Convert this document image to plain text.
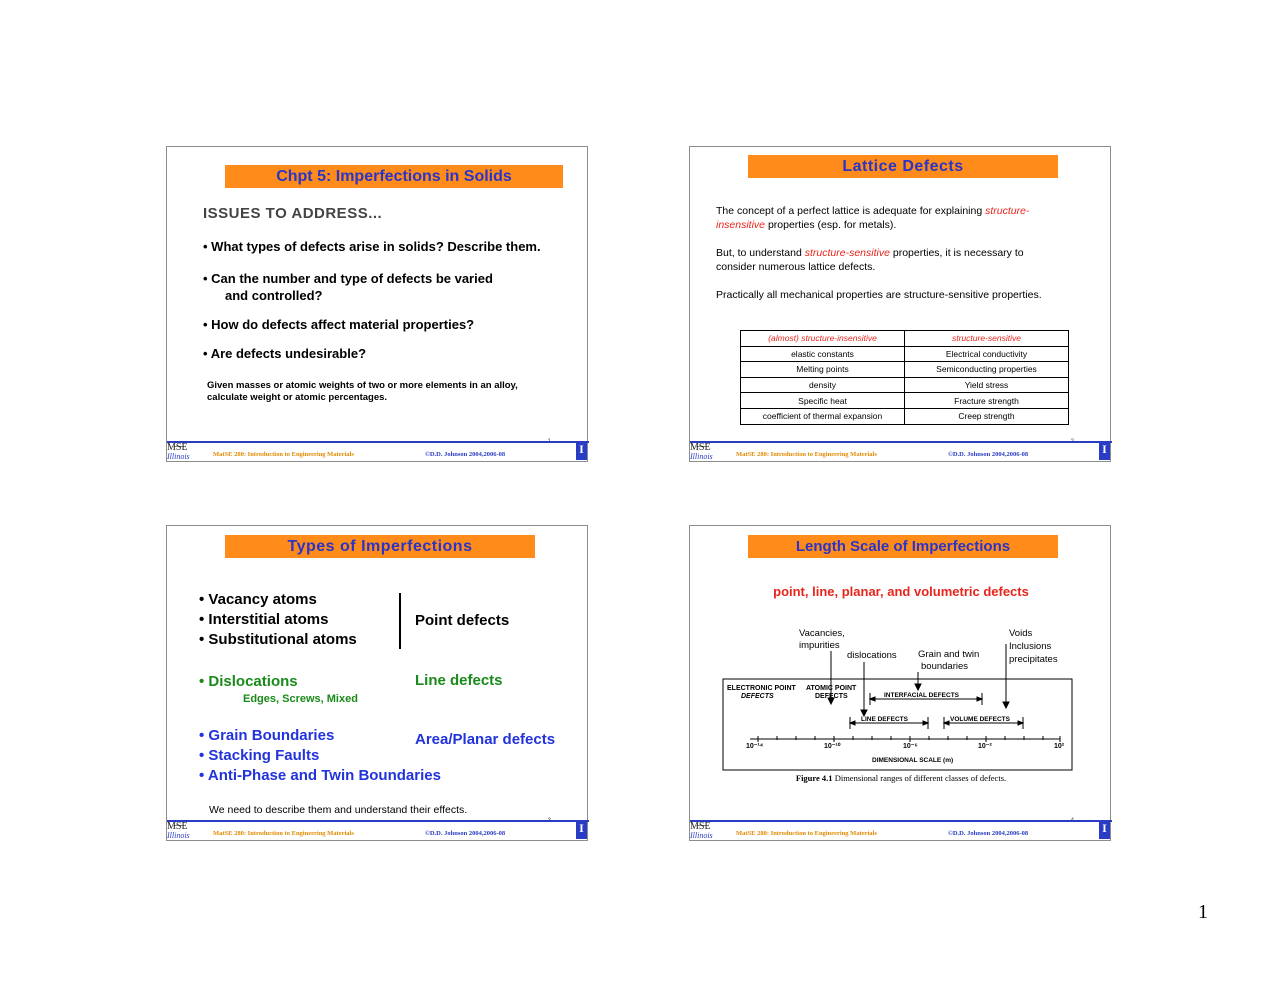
Chpt 5: Imperfections in Solids
ISSUES TO ADDRESS...
• What types of defects arise in solids? Describe them.
• Can the number and type of defects be varied
and controlled?
• How do defects affect material properties?
• Are defects undesirable?
Given masses or atomic weights of two or more elements in an alloy,
calculate weight or atomic percentages.
M̶S̶E
Illinois	MatSE 280: Introduction to Engineering Materials	©D.D. Johnson 2004,2006-08	I
Lattice Defects
The concept of a perfect lattice is adequate for explaining structure-
insensitive properties (esp. for metals).
But, to understand structure-sensitive properties, it is necessary to
consider numerous lattice defects.
Practically all mechanical properties are structure-sensitive properties.
(almost) structure-insensitive	structure-sensitive
elastic constants	Electrical conductivity
Melting points	Semiconducting properties
density	Yield stress
Specific heat	Fracture strength
coefficient of thermal expansion	Creep strength
M̶S̶E
Illinois	MatSE 280: Introduction to Engineering Materials	©D.D. Johnson 2004,2006-08	I
Types of Imperfections
• Vacancy atoms
• Interstitial atoms
• Substitutional atoms
Point defects
• Dislocations
Edges, Screws, Mixed
Line defects
• Grain Boundaries
• Stacking Faults
• Anti-Phase and Twin Boundaries
Area/Planar defects
We need to describe them and understand their effects.
M̶S̶E
Illinois	MatSE 280: Introduction to Engineering Materials	©D.D. Johnson 2004,2006-08	I
Length Scale of Imperfections
point, line, planar, and volumetric defects
Vacancies,
impurities
dislocations Grain and twin
boundaries
Voids
Inclusions
precipitates
ELECTRONIC POINT
DEFECTS
ATOMIC POINT
DEFECTS	INTERFACIAL DEFECTS
LINE DEFECTS	VOLUME DEFECTS
10⁻¹⁴	10⁻¹⁰	10⁻⁶	10⁻²	10²
DIMENSIONAL SCALE (m)
Figure 4.1 Dimensional ranges of different classes of defects.
M̶S̶E
Illinois	MatSE 280: Introduction to Engineering Materials	©D.D. Johnson 2004,2006-08	I
1
